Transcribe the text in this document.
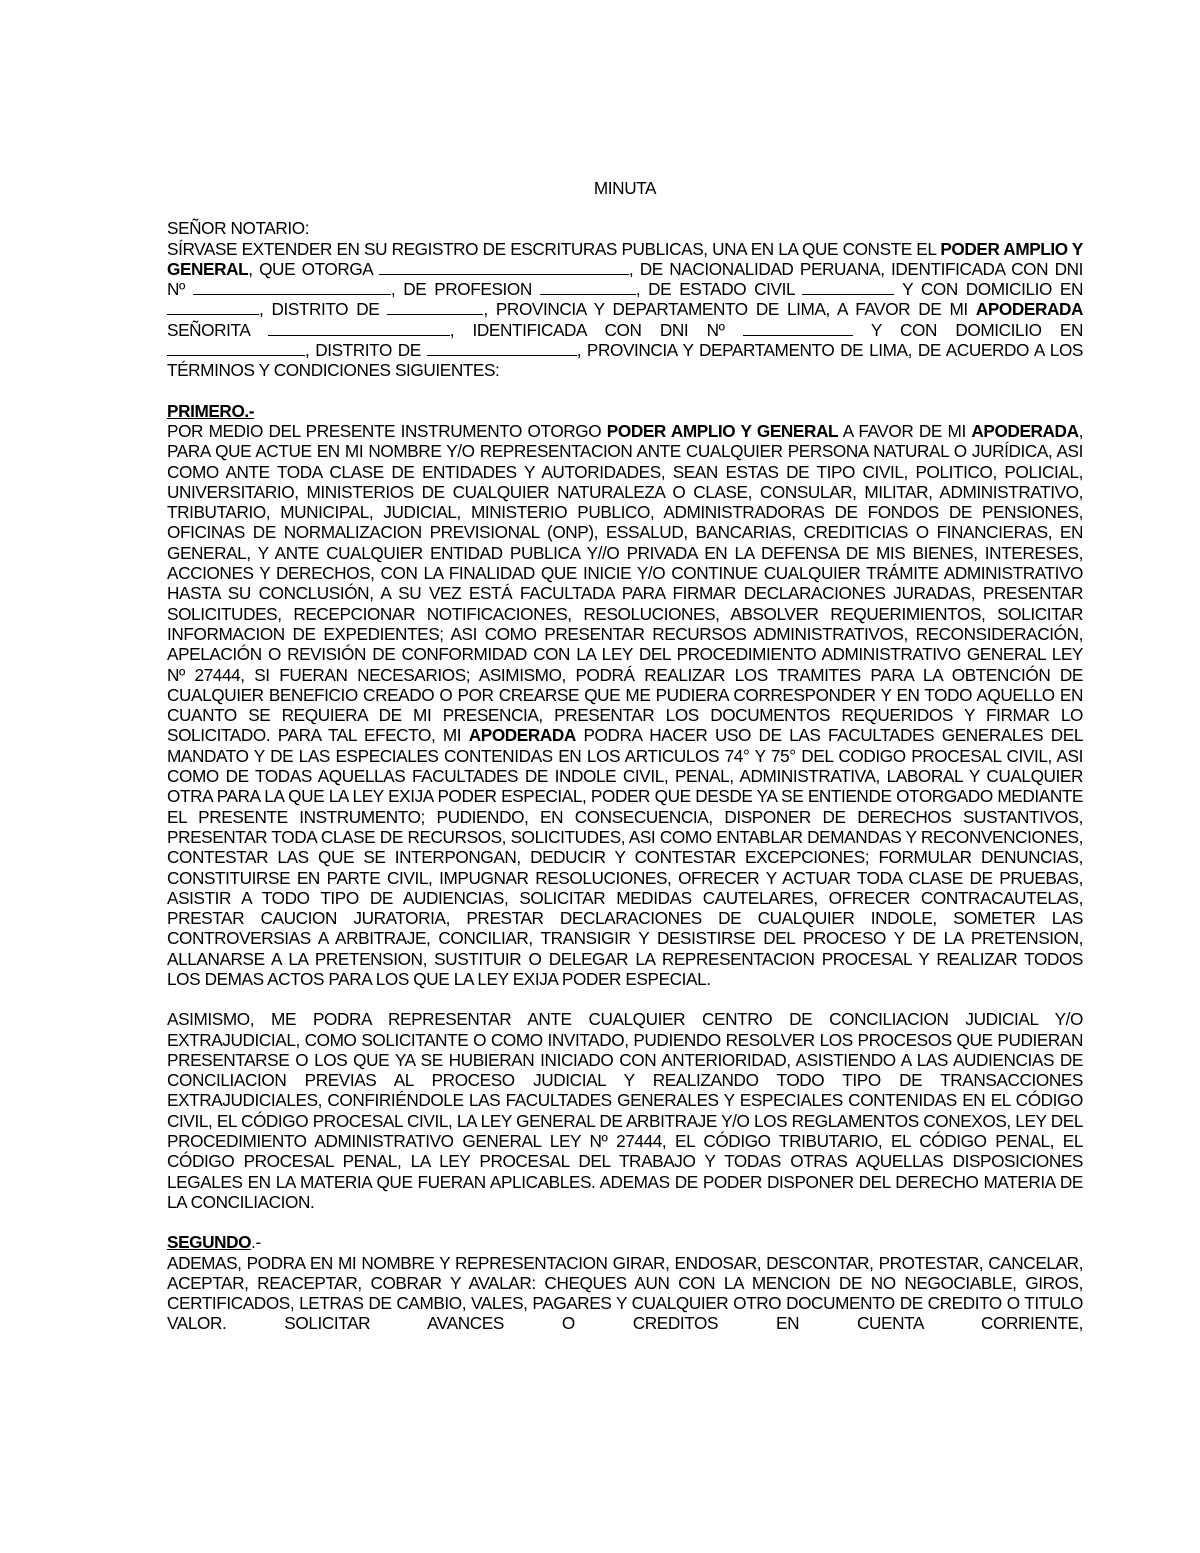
MINUTA

SEÑOR NOTARIO:

SÍRVASE EXTENDER EN SU REGISTRO DE ESCRITURAS PUBLICAS, UNA EN LA QUE CONSTE EL PODER AMPLIO Y GENERAL, QUE OTORGA	, DE NACIONALIDAD PERUANA, IDENTIFICADA CON DNI Nº	, DE PROFESION	, DE ESTADO CIVIL	Y CON DOMICILIO EN , DISTRITO DE	, PROVINCIA Y DEPARTAMENTO DE LIMA, A FAVOR DE MI APODERADA SEÑORITA	, IDENTIFICADA CON DNI Nº	Y CON DOMICILIO EN , DISTRITO DE	, PROVINCIA Y DEPARTAMENTO DE LIMA, DE ACUERDO A LOS TÉRMINOS Y CONDICIONES SIGUIENTES:

PRIMERO.-

POR MEDIO DEL PRESENTE INSTRUMENTO OTORGO PODER AMPLIO Y GENERAL A FAVOR DE MI APODERADA, PARA QUE ACTUE EN MI NOMBRE Y/O REPRESENTACION ANTE CUALQUIER PERSONA NATURAL O JURÍDICA, ASI COMO ANTE TODA CLASE DE ENTIDADES Y AUTORIDADES, SEAN ESTAS DE TIPO CIVIL, POLITICO, POLICIAL, UNIVERSITARIO, MINISTERIOS DE CUALQUIER NATURALEZA O CLASE, CONSULAR, MILITAR, ADMINISTRATIVO, TRIBUTARIO, MUNICIPAL, JUDICIAL, MINISTERIO PUBLICO, ADMINISTRADORAS DE FONDOS DE PENSIONES, OFICINAS DE NORMALIZACION PREVISIONAL (ONP), ESSALUD, BANCARIAS, CREDITICIAS O FINANCIERAS, EN GENERAL, Y ANTE CUALQUIER ENTIDAD PUBLICA Y//O PRIVADA EN LA DEFENSA DE MIS BIENES, INTERESES, ACCIONES Y DERECHOS, CON LA FINALIDAD QUE INICIE Y/O CONTINUE CUALQUIER TRÁMITE ADMINISTRATIVO HASTA SU CONCLUSIÓN, A SU VEZ ESTÁ FACULTADA PARA FIRMAR DECLARACIONES JURADAS, PRESENTAR SOLICITUDES, RECEPCIONAR NOTIFICACIONES, RESOLUCIONES, ABSOLVER REQUERIMIENTOS, SOLICITAR INFORMACION DE EXPEDIENTES; ASI COMO PRESENTAR RECURSOS ADMINISTRATIVOS, RECONSIDERACIÓN, APELACIÓN O REVISIÓN DE CONFORMIDAD CON LA LEY DEL PROCEDIMIENTO ADMINISTRATIVO GENERAL LEY Nº 27444, SI FUERAN NECESARIOS; ASIMISMO, PODRÁ REALIZAR LOS TRAMITES PARA LA OBTENCIÓN DE CUALQUIER BENEFICIO CREADO O POR CREARSE QUE ME PUDIERA CORRESPONDER Y EN TODO AQUELLO EN CUANTO SE REQUIERA DE MI PRESENCIA, PRESENTAR LOS DOCUMENTOS REQUERIDOS Y FIRMAR LO SOLICITADO. PARA TAL EFECTO, MI APODERADA PODRA HACER USO DE LAS FACULTADES GENERALES DEL MANDATO Y DE LAS ESPECIALES CONTENIDAS EN LOS ARTICULOS 74° Y 75° DEL CODIGO PROCESAL CIVIL, ASI COMO DE TODAS AQUELLAS FACULTADES DE INDOLE CIVIL, PENAL, ADMINISTRATIVA, LABORAL Y CUALQUIER OTRA PARA LA QUE LA LEY EXIJA PODER ESPECIAL, PODER QUE DESDE YA SE ENTIENDE OTORGADO MEDIANTE EL PRESENTE INSTRUMENTO; PUDIENDO, EN CONSECUENCIA, DISPONER DE DERECHOS SUSTANTIVOS, PRESENTAR TODA CLASE DE RECURSOS, SOLICITUDES, ASI COMO ENTABLAR DEMANDAS Y RECONVENCIONES, CONTESTAR LAS QUE SE INTERPONGAN, DEDUCIR Y CONTESTAR EXCEPCIONES; FORMULAR DENUNCIAS, CONSTITUIRSE EN PARTE CIVIL, IMPUGNAR RESOLUCIONES, OFRECER Y ACTUAR TODA CLASE DE PRUEBAS, ASISTIR A TODO TIPO DE AUDIENCIAS, SOLICITAR MEDIDAS CAUTELARES, OFRECER CONTRACAUTELAS, PRESTAR CAUCION JURATORIA, PRESTAR DECLARACIONES DE CUALQUIER INDOLE, SOMETER LAS CONTROVERSIAS A ARBITRAJE, CONCILIAR, TRANSIGIR Y DESISTIRSE DEL PROCESO Y DE LA PRETENSION, ALLANARSE A LA PRETENSION, SUSTITUIR O DELEGAR LA REPRESENTACION PROCESAL Y REALIZAR TODOS LOS DEMAS ACTOS PARA LOS QUE LA LEY EXIJA PODER ESPECIAL.

ASIMISMO, ME PODRA REPRESENTAR ANTE CUALQUIER CENTRO DE CONCILIACION JUDICIAL Y/O EXTRAJUDICIAL, COMO SOLICITANTE O COMO INVITADO, PUDIENDO RESOLVER LOS PROCESOS QUE PUDIERAN PRESENTARSE O LOS QUE YA SE HUBIERAN INICIADO CON ANTERIORIDAD, ASISTIENDO A LAS AUDIENCIAS DE CONCILIACION PREVIAS AL PROCESO JUDICIAL Y REALIZANDO TODO TIPO DE TRANSACCIONES EXTRAJUDICIALES, CONFIRIÉNDOLE LAS FACULTADES GENERALES Y ESPECIALES CONTENIDAS EN EL CÓDIGO CIVIL, EL CÓDIGO PROCESAL CIVIL, LA LEY GENERAL DE ARBITRAJE Y/O LOS REGLAMENTOS CONEXOS, LEY DEL PROCEDIMIENTO ADMINISTRATIVO GENERAL LEY Nº 27444, EL CÓDIGO TRIBUTARIO, EL CÓDIGO PENAL, EL CÓDIGO PROCESAL PENAL, LA LEY PROCESAL DEL TRABAJO Y TODAS OTRAS AQUELLAS DISPOSICIONES LEGALES EN LA MATERIA QUE FUERAN APLICABLES. ADEMAS DE PODER DISPONER DEL DERECHO MATERIA DE LA CONCILIACION.

SEGUNDO.-

ADEMAS, PODRA EN MI NOMBRE Y REPRESENTACION GIRAR, ENDOSAR, DESCONTAR, PROTESTAR, CANCELAR, ACEPTAR, REACEPTAR, COBRAR Y AVALAR: CHEQUES AUN CON LA MENCION DE NO NEGOCIABLE, GIROS, CERTIFICADOS, LETRAS DE CAMBIO, VALES, PAGARES Y CUALQUIER OTRO DOCUMENTO DE CREDITO O TITULO VALOR. SOLICITAR AVANCES O CREDITOS EN CUENTA CORRIENTE,
